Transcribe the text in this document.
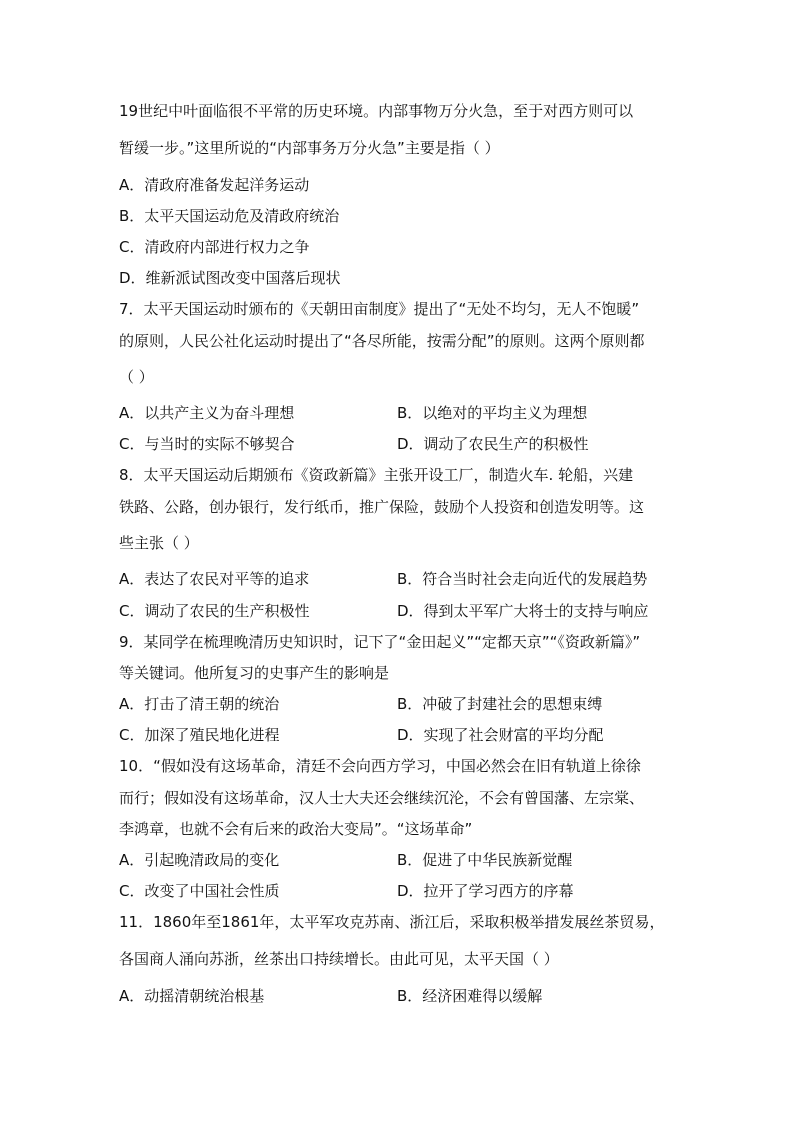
19世纪中叶面临很不平常的历史环境。内部事物万分火急，至于对西方则可以
暂缓一步。”这里所说的“内部事务万分火急”主要是指（ ）
A．清政府准备发起洋务运动
B．太平天国运动危及清政府统治
C．清政府内部进行权力之争
D．维新派试图改变中国落后现状
7．太平天国运动时颁布的《天朝田亩制度》提出了“无处不均匀，无人不饱暖”
的原则，人民公社化运动时提出了“各尽所能，按需分配”的原则。这两个原则都
（ ）
A．以共产主义为奋斗理想	B．以绝对的平均主义为理想
C．与当时的实际不够契合	D．调动了农民生产的积极性
8．太平天国运动后期颁布《资政新篇》主张开设工厂，制造火车. 轮船，兴建
铁路、公路，创办银行，发行纸币，推广保险，鼓励个人投资和创造发明等。这
些主张（ ）
A．表达了农民对平等的追求	B．符合当时社会走向近代的发展趋势
C．调动了农民的生产积极性	D．得到太平军广大将士的支持与响应
9．某同学在梳理晚清历史知识时，记下了“金田起义”“定都天京”“《资政新篇》”
等关键词。他所复习的史事产生的影响是
A．打击了清王朝的统治	B．冲破了封建社会的思想束缚
C．加深了殖民地化进程	D．实现了社会财富的平均分配
10．“假如没有这场革命，清廷不会向西方学习，中国必然会在旧有轨道上徐徐
而行；假如没有这场革命，汉人士大夫还会继续沉沦，不会有曾国藩、左宗棠、
李鸿章，也就不会有后来的政治大变局”。“这场革命”
A．引起晚清政局的变化	B．促进了中华民族新觉醒
C．改变了中国社会性质	D．拉开了学习西方的序幕
11．1860年至1861年，太平军攻克苏南、浙江后，采取积极举措发展丝茶贸易，
各国商人涌向苏浙，丝茶出口持续增长。由此可见，太平天国（ ）
A．动摇清朝统治根基	B．经济困难得以缓解
